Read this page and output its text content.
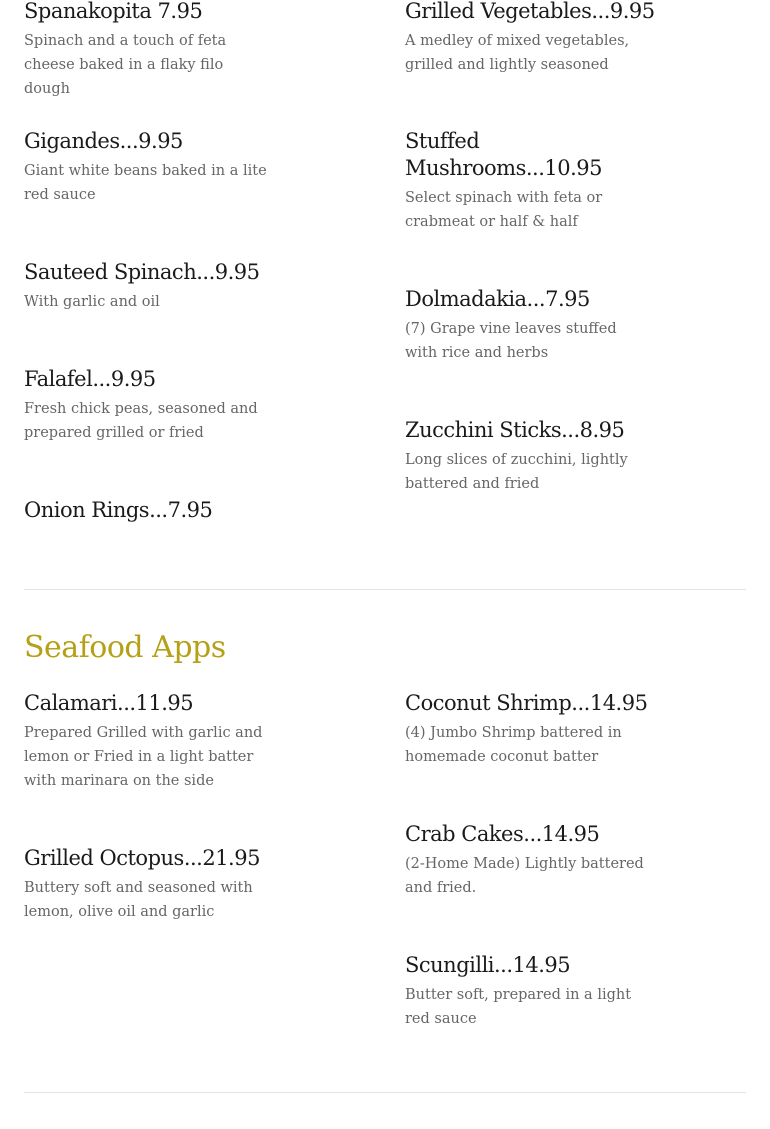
Spanakopita 7.95

Spinach and a touch of feta cheese baked in a flaky filo dough

Gigandes...9.95

Giant white beans baked in a lite red sauce

Sauteed Spinach...9.95

With garlic and oil

Falafel...9.95

Fresh chick peas, seasoned and prepared grilled or fried

Onion Rings...7.95
Grilled Vegetables...9.95

A medley of mixed vegetables, grilled and lightly seasoned

Stuffed Mushrooms...10.95

Select spinach with feta or crabmeat or half & half

Dolmadakia...7.95

(7) Grape vine leaves stuffed with rice and herbs

Zucchini Sticks...8.95

Long slices of zucchini, lightly battered and fried

Seafood Apps
Calamari...11.95

Prepared Grilled with garlic and lemon or Fried in a light batter with marinara on the side

Grilled Octopus...21.95

Buttery soft and seasoned with lemon, olive oil and garlic

Coconut Shrimp...14.95

(4) Jumbo Shrimp battered in homemade coconut batter

Crab Cakes...14.95

(2-Home Made) Lightly battered and fried.

Scungilli...14.95

Butter soft, prepared in a light red sauce
